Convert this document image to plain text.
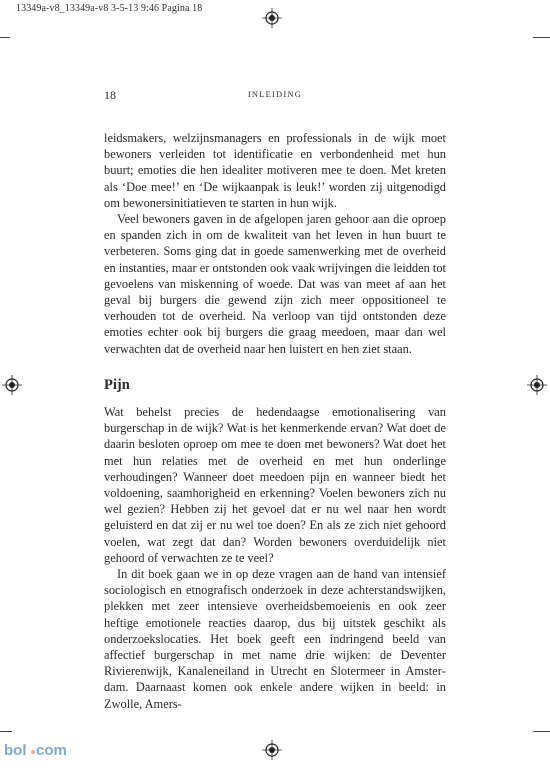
13349a-v8_13349a-v8 3-5-13 9:46 Pagina 18
18	INLEIDING

leidsmakers, welzijnsmanagers en professionals in de wijk moet bewoners verleiden tot identificatie en verbondenheid met hun buurt; emoties die hen idealiter motiveren mee te doen. Met kreten als ‘Doe mee!’ en ‘De wijkaanpak is leuk!’ worden zij uitgenodigd om bewonersinitiatieven te starten in hun wijk.

Veel bewoners gaven in de afgelopen jaren gehoor aan die oproep en spanden zich in om de kwaliteit van het leven in hun buurt te verbeteren. Soms ging dat in goede samenwerking met de overheid en instanties, maar er ontstonden ook vaak wrijvingen die leidden tot gevoelens van miskenning of woede. Dat was van meet af aan het geval bij burgers die gewend zijn zich meer oppositioneel te verhouden tot de overheid. Na verloop van tijd ontstonden deze emoties echter ook bij burgers die graag meedoen, maar dan wel verwachten dat de overheid naar hen luistert en hen ziet staan.

Pijn

Wat behelst precies de hedendaagse emotionalisering van burgerschap in de wijk? Wat is het kenmerkende ervan? Wat doet de daarin besloten oproep om mee te doen met bewoners? Wat doet het met hun relaties met de overheid en met hun onderlinge verhoudingen? Wanneer doet meedoen pijn en wanneer biedt het voldoening, saamhorigheid en erkenning? Voelen bewoners zich nu wel gezien? Hebben zij het gevoel dat er nu wel naar hen wordt geluisterd en dat zij er nu wel toe doen? En als ze zich niet gehoord voelen, wat zegt dat dan? Worden bewoners overduidelijk niet gehoord of verwachten ze te veel?

In dit boek gaan we in op deze vragen aan de hand van intensief sociologisch en etnografisch onderzoek in deze achterstandswijken, plekken met zeer intensieve overheidsbemoeienis en ook zeer heftige emotionele reacties daarop, dus bij uitstek geschikt als onderzoekslocaties. Het boek geeft een indringend beeld van affectief burgerschap in met name drie wijken: de Deventer Rivierenwijk, Kanaleneiland in Utrecht en Slotermeer in Amsterdam. Daarnaast komen ook enkele andere wijken in beeld: in Zwolle, Amers-

bol com
